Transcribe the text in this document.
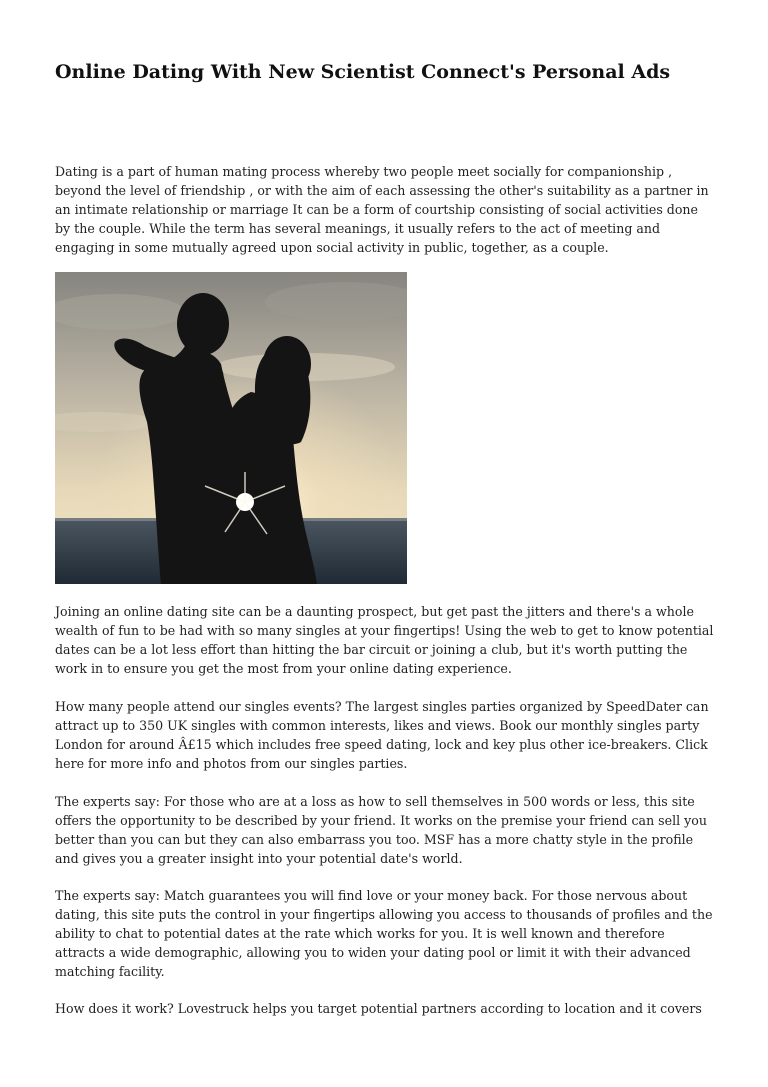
Online Dating With New Scientist Connect's Personal Ads

Dating is a part of human mating process whereby two people meet socially for companionship , beyond the level of friendship , or with the aim of each assessing the other's suitability as a partner in an intimate relationship or marriage It can be a form of courtship consisting of social activities done by the couple. While the term has several meanings, it usually refers to the act of meeting and engaging in some mutually agreed upon social activity in public, together, as a couple.

Joining an online dating site can be a daunting prospect, but get past the jitters and there's a whole wealth of fun to be had with so many singles at your fingertips! Using the web to get to know potential dates can be a lot less effort than hitting the bar circuit or joining a club, but it's worth putting the work in to ensure you get the most from your online dating experience.

How many people attend our singles events? The largest singles parties organized by SpeedDater can attract up to 350 UK singles with common interests, likes and views. Book our monthly singles party London for around Â£15 which includes free speed dating, lock and key plus other ice-breakers. Click here for more info and photos from our singles parties.

The experts say: For those who are at a loss as how to sell themselves in 500 words or less, this site offers the opportunity to be described by your friend. It works on the premise your friend can sell you better than you can but they can also embarrass you too. MSF has a more chatty style in the profile and gives you a greater insight into your potential date's world.

The experts say: Match guarantees you will find love or your money back. For those nervous about dating, this site puts the control in your fingertips allowing you access to thousands of profiles and the ability to chat to potential dates at the rate which works for you. It is well known and therefore attracts a wide demographic, allowing you to widen your dating pool or limit it with their advanced matching facility.

How does it work? Lovestruck helps you target potential partners according to location and it covers
